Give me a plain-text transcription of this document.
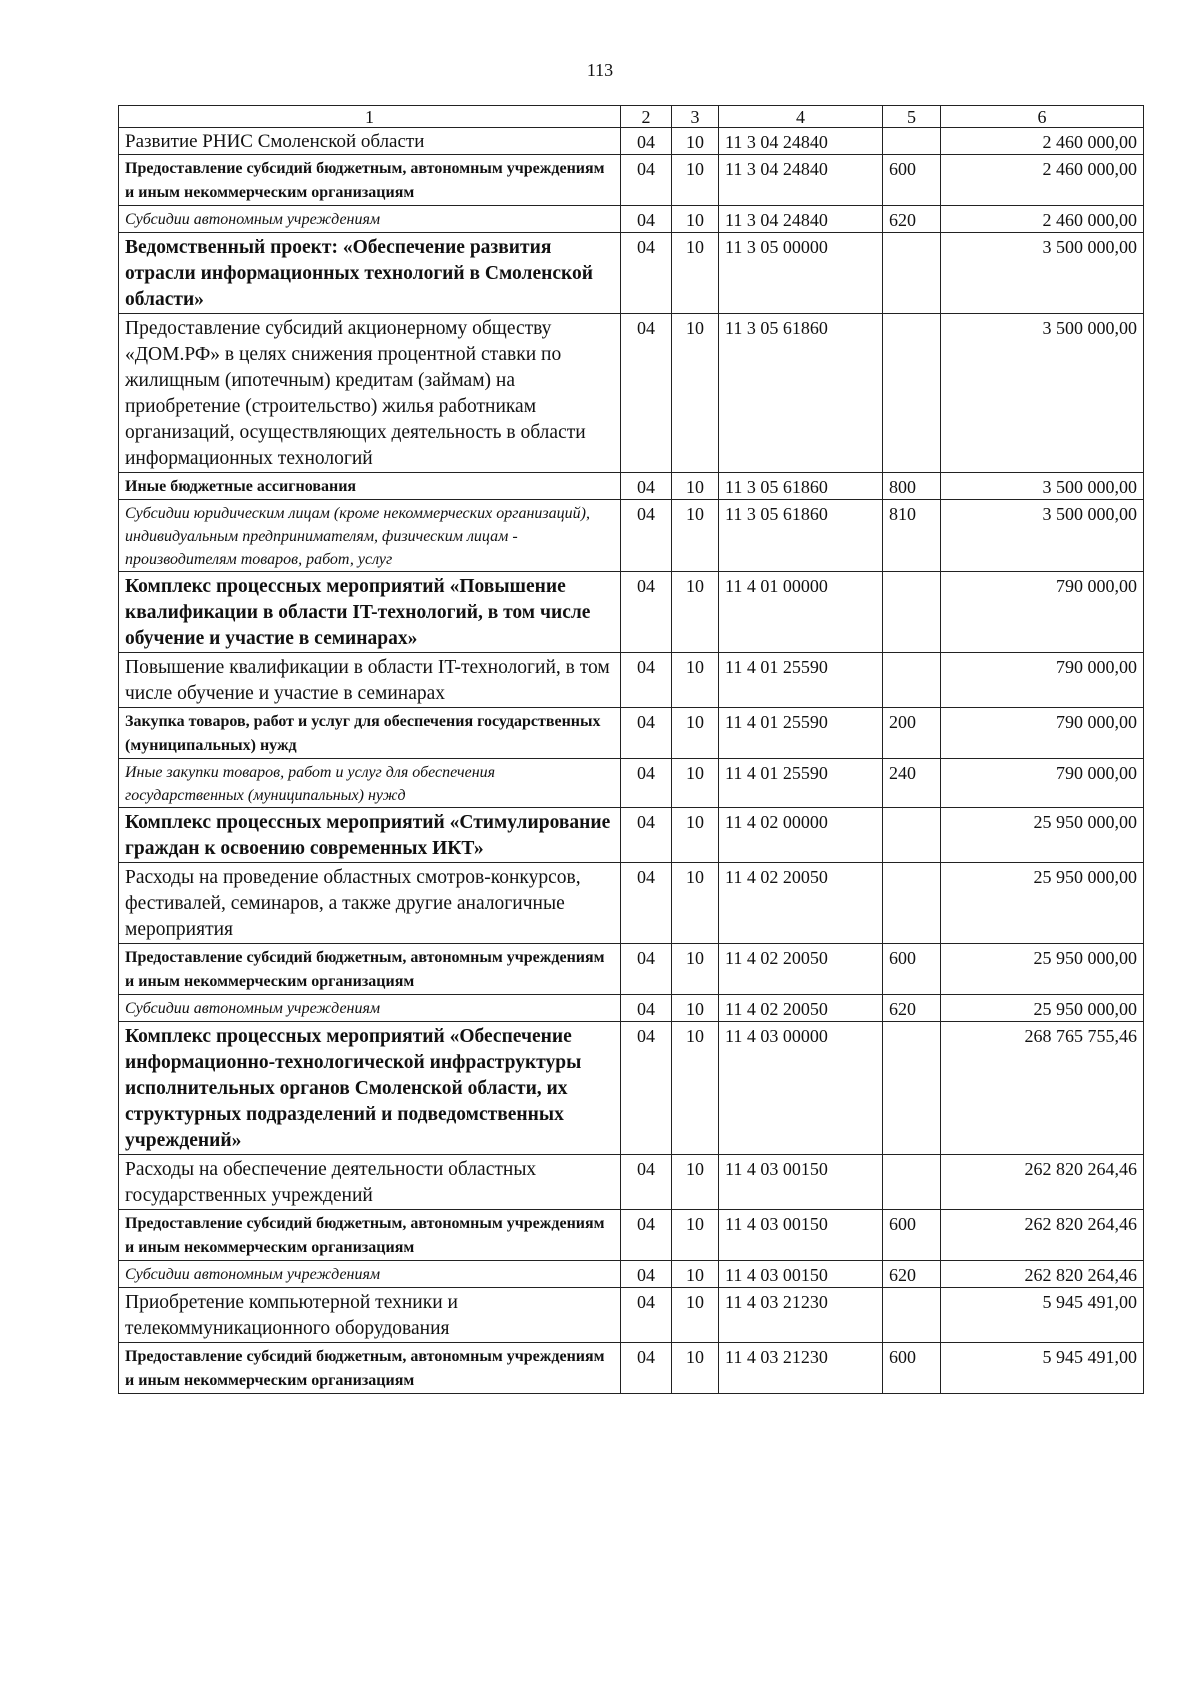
113
1	2	3	4	5	6
Развитие РНИС Смоленской области	04	10	11 3 04 24840		2 460 000,00
Предоставление субсидий бюджетным, автономным учреждениям и иным некоммерческим организациям	04	10	11 3 04 24840	600	2 460 000,00
Субсидии автономным учреждениям	04	10	11 3 04 24840	620	2 460 000,00
Ведомственный проект: «Обеспечение развития отрасли информационных технологий в Смоленской области»	04	10	11 3 05 00000		3 500 000,00
Предоставление субсидий акционерному обществу «ДОМ.РФ» в целях снижения процентной ставки по жилищным (ипотечным) кредитам (займам) на приобретение (строительство) жилья работникам организаций, осуществляющих деятельность в области информационных технологий	04	10	11 3 05 61860		3 500 000,00
Иные бюджетные ассигнования	04	10	11 3 05 61860	800	3 500 000,00
Субсидии юридическим лицам (кроме некоммерческих организаций), индивидуальным предпринимателям, физическим лицам - производителям товаров, работ, услуг	04	10	11 3 05 61860	810	3 500 000,00
Комплекс процессных мероприятий «Повышение квалификации в области IT-технологий, в том числе обучение и участие в семинарах»	04	10	11 4 01 00000		790 000,00
Повышение квалификации в области IT-технологий, в том числе обучение и участие в семинарах	04	10	11 4 01 25590		790 000,00
Закупка товаров, работ и услуг для обеспечения государственных (муниципальных) нужд	04	10	11 4 01 25590	200	790 000,00
Иные закупки товаров, работ и услуг для обеспечения государственных (муниципальных) нужд	04	10	11 4 01 25590	240	790 000,00
Комплекс процессных мероприятий «Стимулирование граждан к освоению современных ИКТ»	04	10	11 4 02 00000		25 950 000,00
Расходы на проведение областных смотров-конкурсов, фестивалей, семинаров, а также другие аналогичные мероприятия	04	10	11 4 02 20050		25 950 000,00
Предоставление субсидий бюджетным, автономным учреждениям и иным некоммерческим организациям	04	10	11 4 02 20050	600	25 950 000,00
Субсидии автономным учреждениям	04	10	11 4 02 20050	620	25 950 000,00
Комплекс процессных мероприятий «Обеспечение информационно-технологической инфраструктуры исполнительных органов Смоленской области, их структурных подразделений и подведомственных учреждений»	04	10	11 4 03 00000		268 765 755,46
Расходы на обеспечение деятельности областных государственных учреждений	04	10	11 4 03 00150		262 820 264,46
Предоставление субсидий бюджетным, автономным учреждениям и иным некоммерческим организациям	04	10	11 4 03 00150	600	262 820 264,46
Субсидии автономным учреждениям	04	10	11 4 03 00150	620	262 820 264,46
Приобретение компьютерной техники и телекоммуникационного оборудования	04	10	11 4 03 21230		5 945 491,00
Предоставление субсидий бюджетным, автономным учреждениям и иным некоммерческим организациям	04	10	11 4 03 21230	600	5 945 491,00
